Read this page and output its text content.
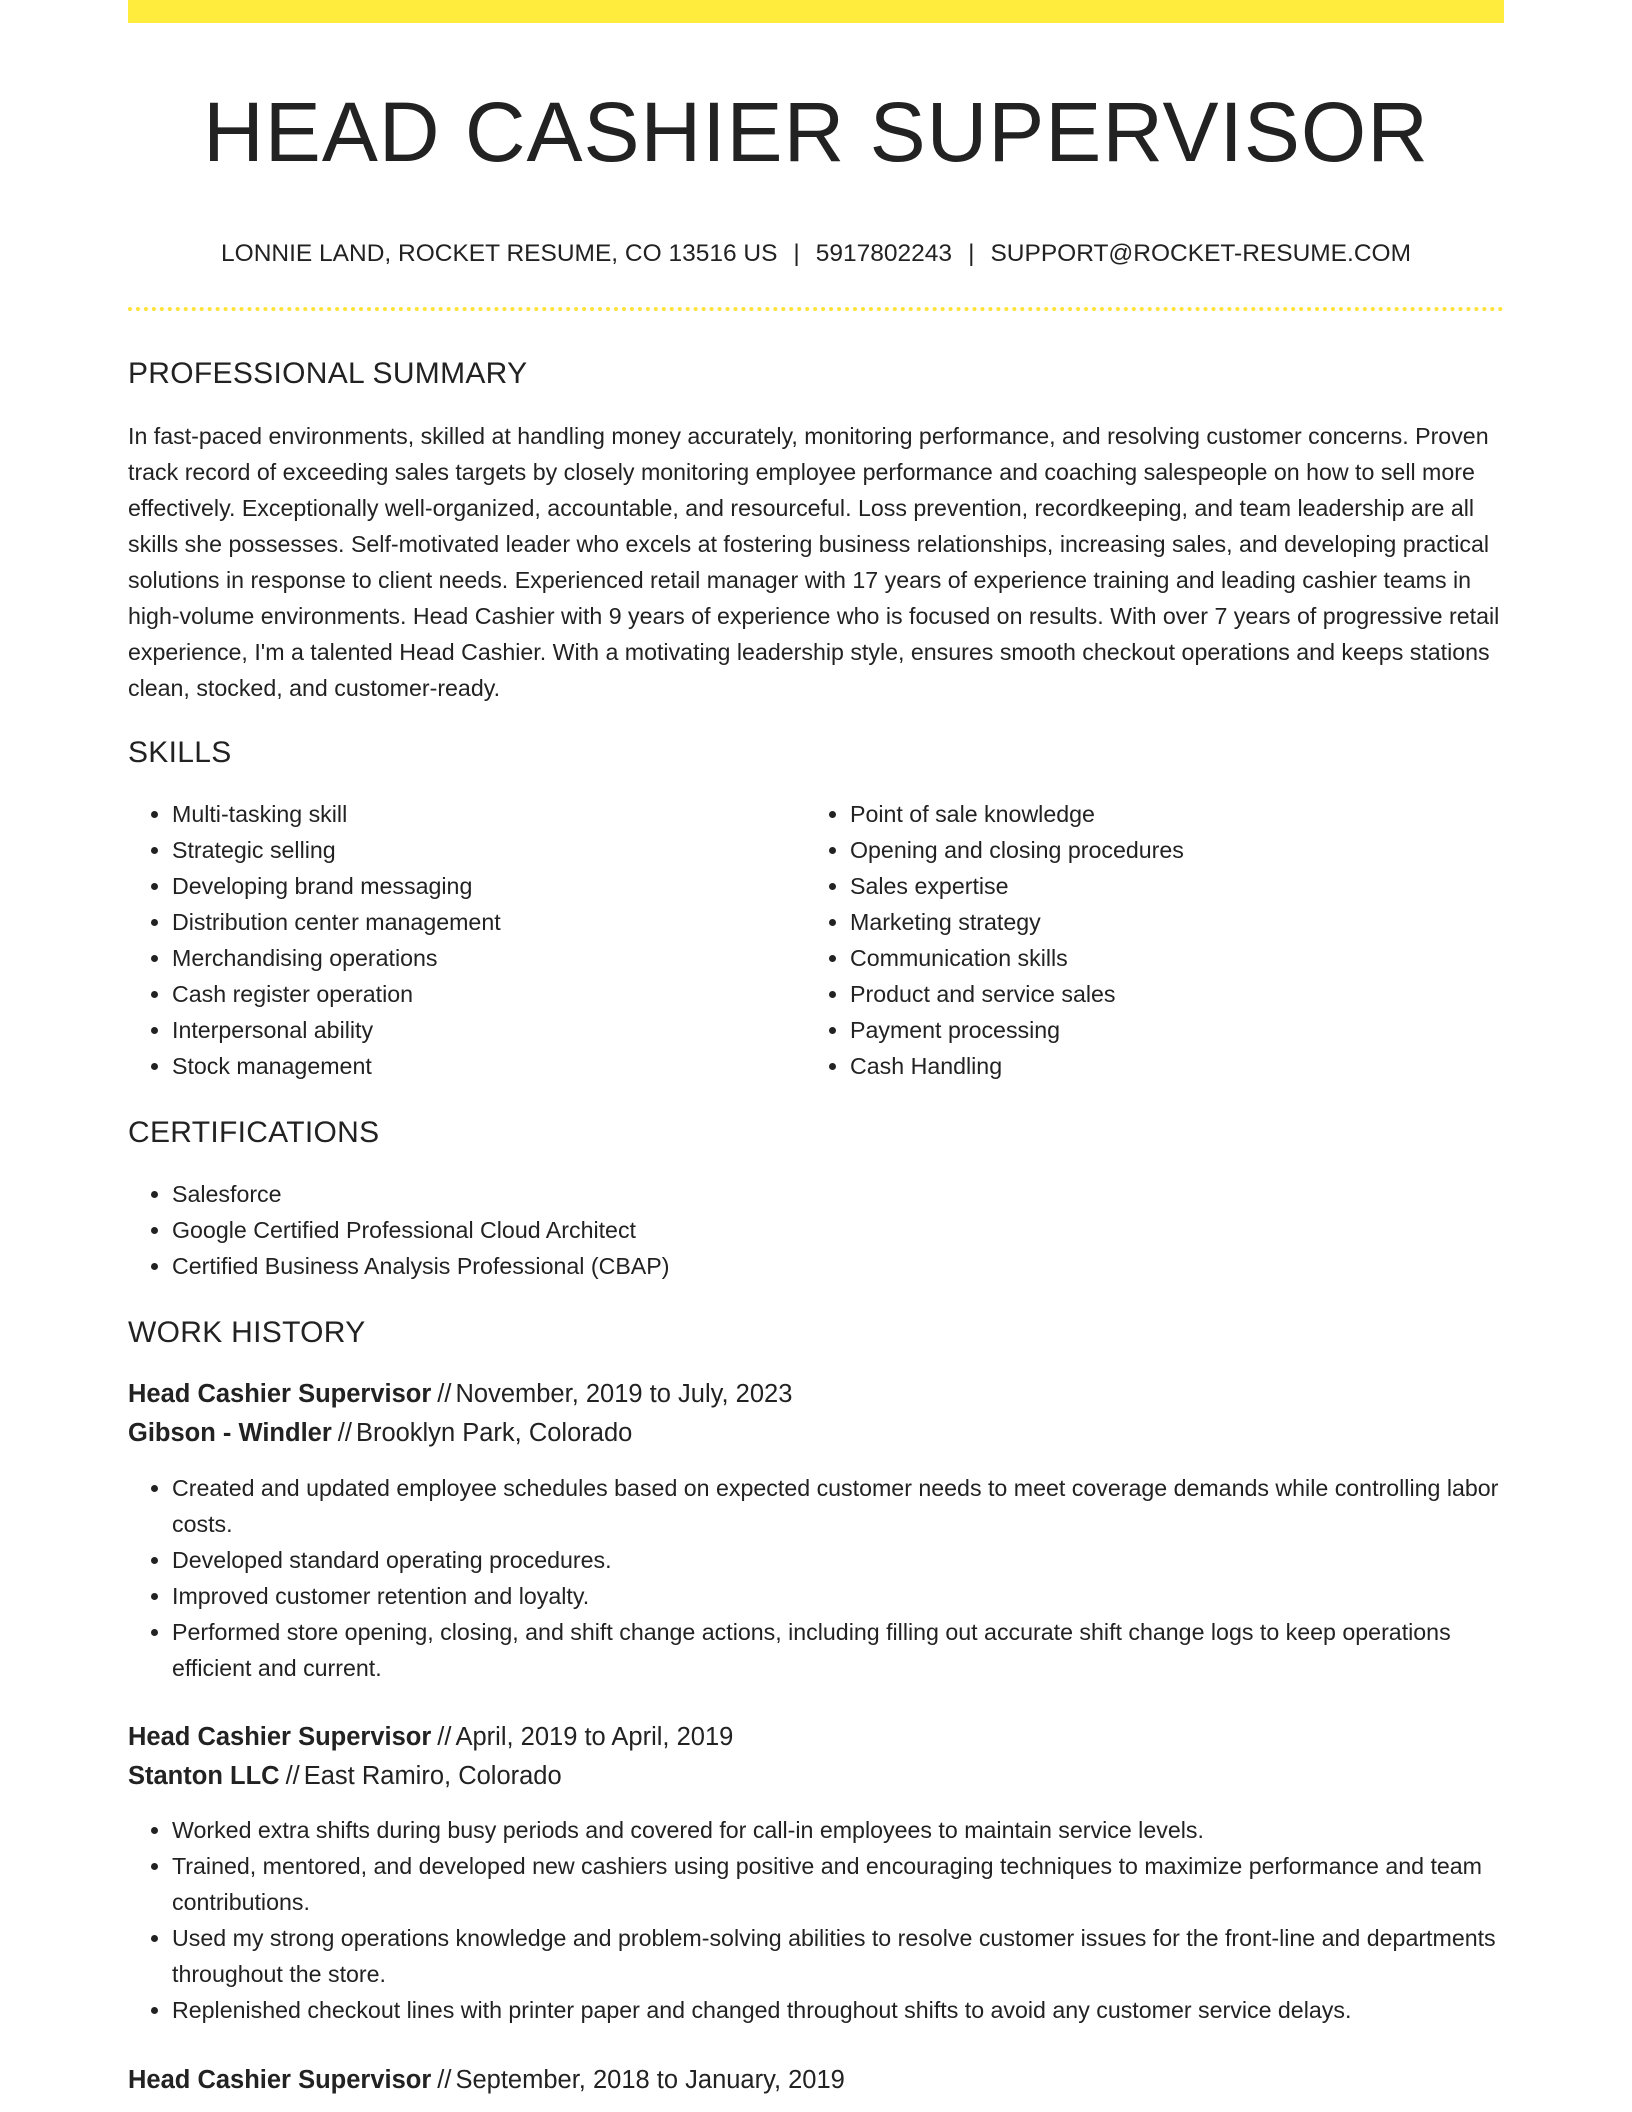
HEAD CASHIER SUPERVISOR
LONNIE LAND, ROCKET RESUME, CO 13516 US | 5917802243 | SUPPORT@ROCKET-RESUME.COM
PROFESSIONAL SUMMARY
In fast-paced environments, skilled at handling money accurately, monitoring performance, and resolving customer concerns. Proven track record of exceeding sales targets by closely monitoring employee performance and coaching salespeople on how to sell more effectively. Exceptionally well-organized, accountable, and resourceful. Loss prevention, recordkeeping, and team leadership are all skills she possesses. Self-motivated leader who excels at fostering business relationships, increasing sales, and developing practical solutions in response to client needs. Experienced retail manager with 17 years of experience training and leading cashier teams in high-volume environments. Head Cashier with 9 years of experience who is focused on results. With over 7 years of progressive retail experience, I'm a talented Head Cashier. With a motivating leadership style, ensures smooth checkout operations and keeps stations clean, stocked, and customer-ready.
SKILLS
• Multi-tasking skill
• Strategic selling
• Developing brand messaging
• Distribution center management
• Merchandising operations
• Cash register operation
• Interpersonal ability
• Stock management
• Point of sale knowledge
• Opening and closing procedures
• Sales expertise
• Marketing strategy
• Communication skills
• Product and service sales
• Payment processing
• Cash Handling
CERTIFICATIONS
• Salesforce
• Google Certified Professional Cloud Architect
• Certified Business Analysis Professional (CBAP)
WORK HISTORY
Head Cashier Supervisor // November, 2019 to July, 2023
Gibson - Windler // Brooklyn Park, Colorado
• Created and updated employee schedules based on expected customer needs to meet coverage demands while controlling labor costs.
• Developed standard operating procedures.
• Improved customer retention and loyalty.
• Performed store opening, closing, and shift change actions, including filling out accurate shift change logs to keep operations efficient and current.
Head Cashier Supervisor // April, 2019 to April, 2019
Stanton LLC // East Ramiro, Colorado
• Worked extra shifts during busy periods and covered for call-in employees to maintain service levels.
• Trained, mentored, and developed new cashiers using positive and encouraging techniques to maximize performance and team contributions.
• Used my strong operations knowledge and problem-solving abilities to resolve customer issues for the front-line and departments throughout the store.
• Replenished checkout lines with printer paper and changed throughout shifts to avoid any customer service delays.
Head Cashier Supervisor // September, 2018 to January, 2019
